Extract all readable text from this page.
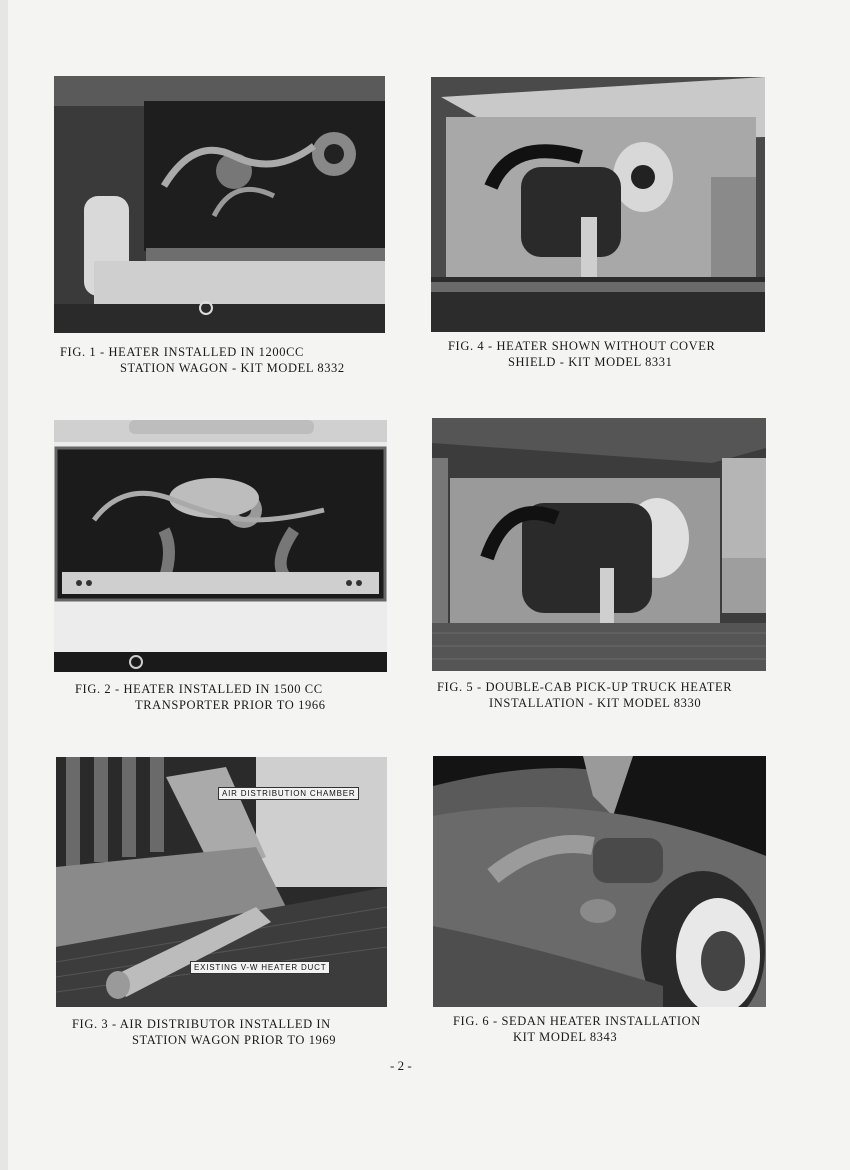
FIG. 1 - HEATER INSTALLED IN 1200CC
STATION WAGON - KIT MODEL 8332
FIG. 4 - HEATER SHOWN WITHOUT COVER
SHIELD - KIT MODEL 8331
FIG. 2 - HEATER INSTALLED IN 1500 CC
TRANSPORTER PRIOR TO 1966
FIG. 5 - DOUBLE-CAB PICK-UP TRUCK HEATER
INSTALLATION - KIT MODEL 8330
AIR DISTRIBUTION CHAMBER
EXISTING V-W HEATER DUCT
FIG. 3 - AIR DISTRIBUTOR INSTALLED IN
STATION WAGON PRIOR TO 1969
FIG. 6 - SEDAN HEATER INSTALLATION
KIT MODEL 8343
- 2 -
